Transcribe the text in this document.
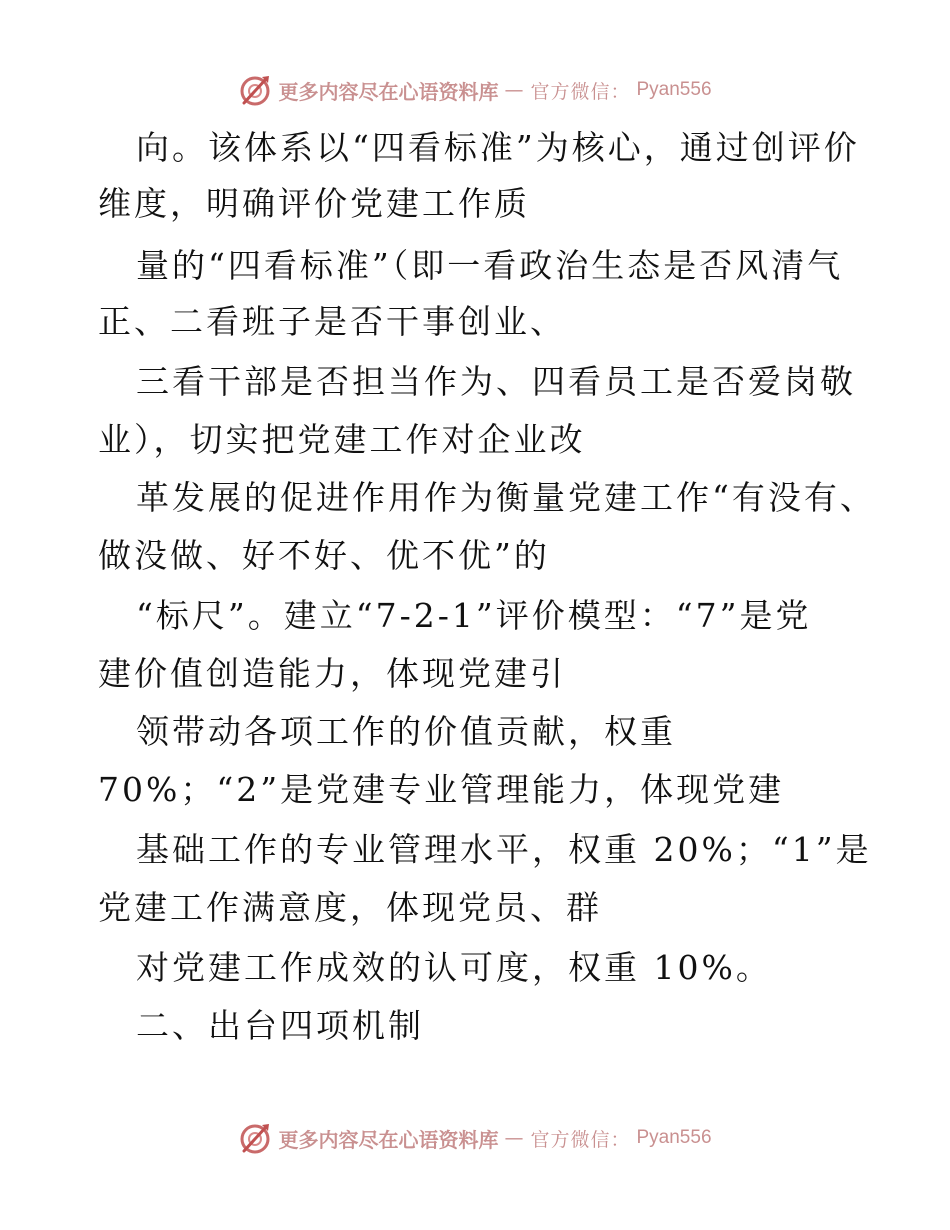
更多内容尽在心语资料库 — 官方微信： Pyan556
向。该体系以“四看标准”为核心，通过创评价
维度，明确评价党建工作质
量的“四看标准”（即一看政治生态是否风清气
正、二看班子是否干事创业、
三看干部是否担当作为、四看员工是否爱岗敬
业），切实把党建工作对企业改
革发展的促进作用作为衡量党建工作“有没有、
做没做、好不好、优不优”的
“标尺”。建立“7-2-1”评价模型：“7”是党
建价值创造能力，体现党建引
领带动各项工作的价值贡献，权重
70%；“2”是党建专业管理能力，体现党建
基础工作的专业管理水平，权重 20%；“1”是
党建工作满意度，体现党员、群
对党建工作成效的认可度，权重 10%。
二、出台四项机制
更多内容尽在心语资料库 — 官方微信： Pyan556
